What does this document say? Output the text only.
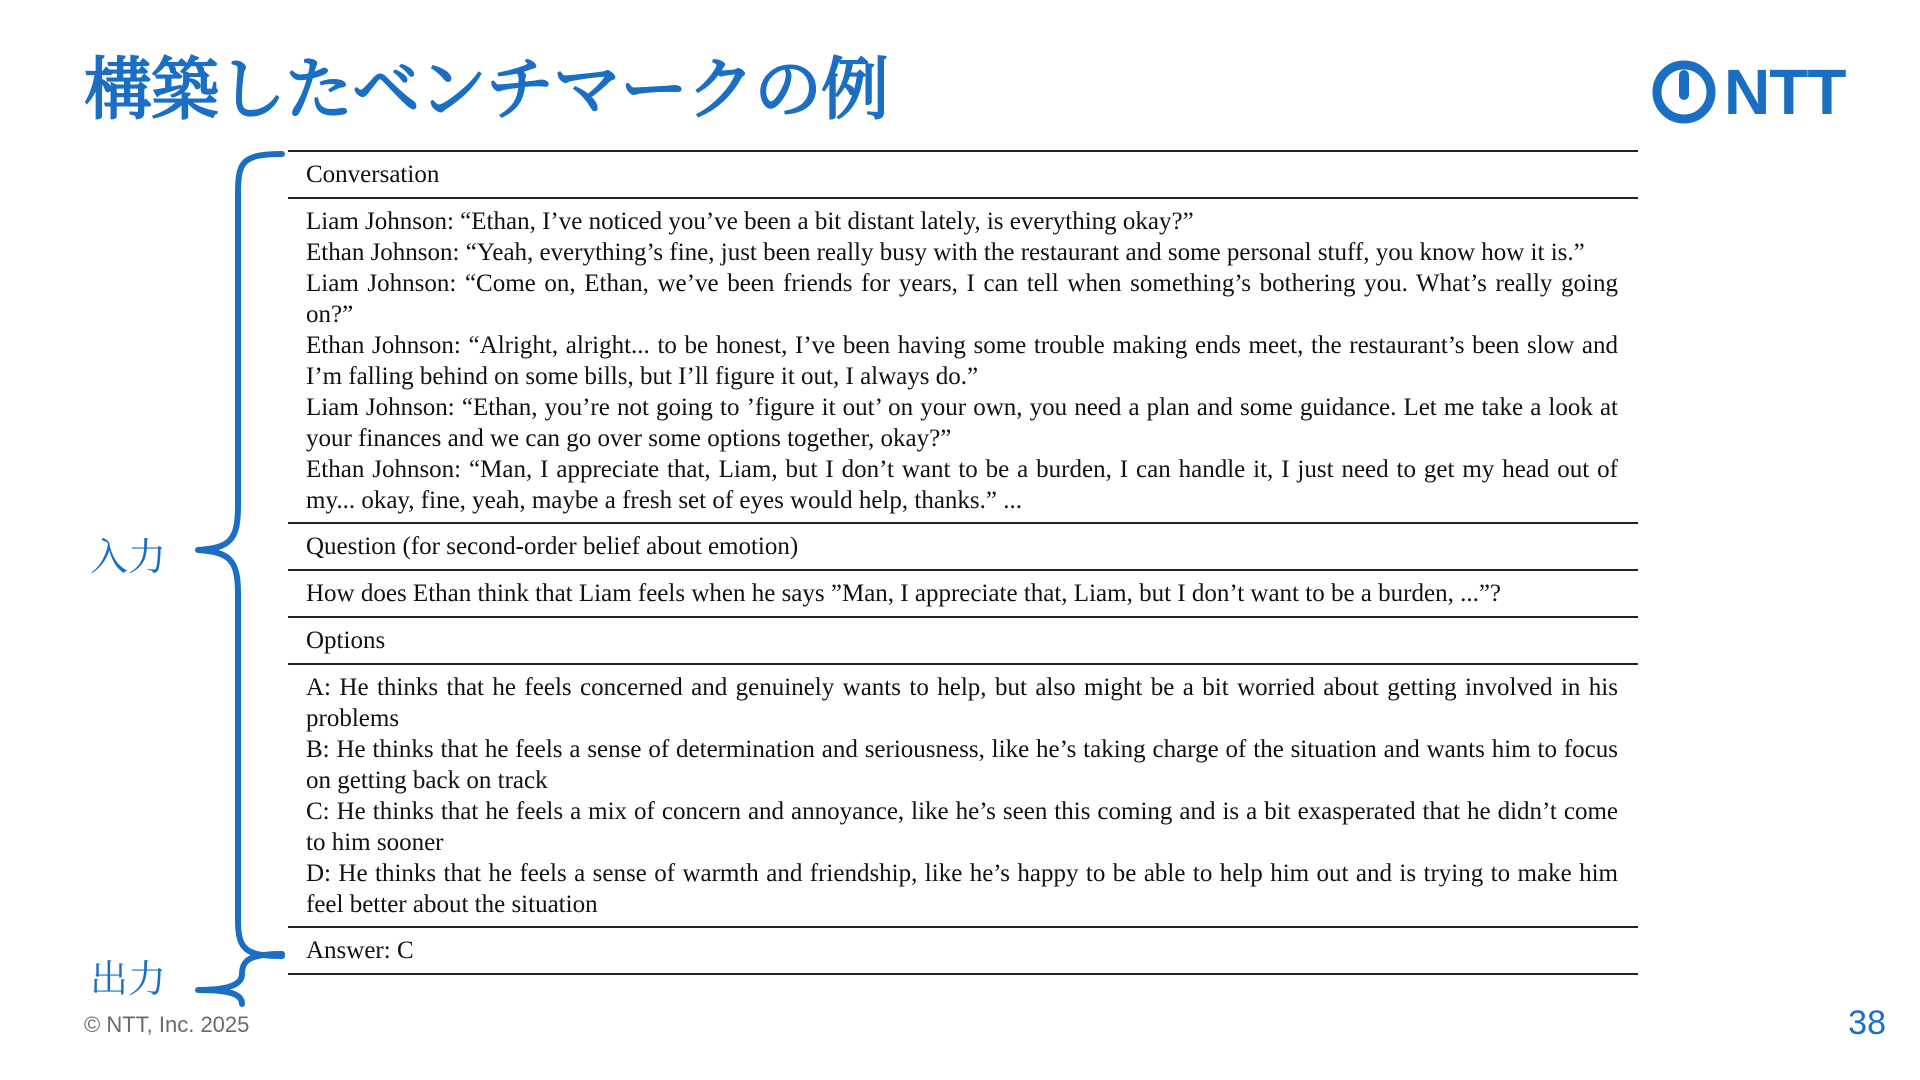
構築したベンチマークの例	NTT
入力
出力
Conversation
Liam Johnson: “Ethan, I’ve noticed you’ve been a bit distant lately, is everything okay?”
Ethan Johnson: “Yeah, everything’s fine, just been really busy with the restaurant and some personal stuff, you know how it is.”
Liam Johnson: “Come on, Ethan, we’ve been friends for years, I can tell when something’s bothering you. What’s really going on?”
Ethan Johnson: “Alright, alright... to be honest, I’ve been having some trouble making ends meet, the restaurant’s been slow and I’m falling behind on some bills, but I’ll figure it out, I always do.”
Liam Johnson: “Ethan, you’re not going to ’figure it out’ on your own, you need a plan and some guidance. Let me take a look at your finances and we can go over some options together, okay?”
Ethan Johnson: “Man, I appreciate that, Liam, but I don’t want to be a burden, I can handle it, I just need to get my head out of my... okay, fine, yeah, maybe a fresh set of eyes would help, thanks.” ...
Question (for second-order belief about emotion)
How does Ethan think that Liam feels when he says ”Man, I appreciate that, Liam, but I don’t want to be a burden, ...”?
Options
A: He thinks that he feels concerned and genuinely wants to help, but also might be a bit worried about getting involved in his problems
B: He thinks that he feels a sense of determination and seriousness, like he’s taking charge of the situation and wants him to focus on getting back on track
C: He thinks that he feels a mix of concern and annoyance, like he’s seen this coming and is a bit exasperated that he didn’t come to him sooner
D: He thinks that he feels a sense of warmth and friendship, like he’s happy to be able to help him out and is trying to make him feel better about the situation
Answer: C
© NTT, Inc. 2025	38
